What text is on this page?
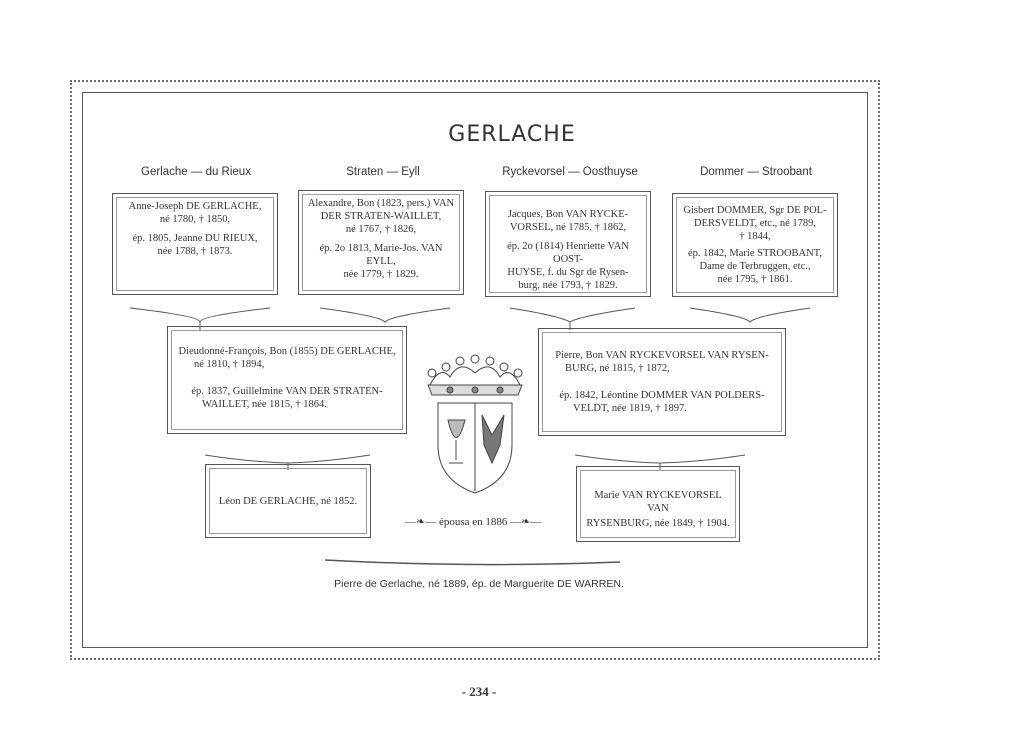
GERLACHE
Gerlache — du Rieux	Straten — Eyll	Ryckevorsel — Oosthuyse	Dommer — Stroobant

Anne-Joseph DE GERLACHE,

né 1780, † 1850,

ép. 1805, Jeanne DU RIEUX,

née 1788, † 1873.

Alexandre, Bon (1823, pers.) VAN

DER STRATEN-WAILLET,

né 1767, † 1826,

ép. 2o 1813, Marie-Jos. VAN EYLL,

née 1779, † 1829.

Jacques, Bon VAN RYCKE-

VORSEL, né 1785, † 1862,

ép. 2o (1814) Henriette VAN OOST-

HUYSE, f. du Sgr de Rysen-

burg, née 1793, † 1829.

Gisbert DOMMER, Sgr DE POL-

DERSVELDT, etc., né 1789,

† 1844,

ép. 1842, Marie STROOBANT,

Dame de Terbruggen, etc.,

née 1795, † 1861.

Dieudonné-François, Bon (1855) DE GERLACHE,

né 1810, † 1894,

ép. 1837, Guillelmine VAN DER STRATEN-

WAILLET, née 1815, † 1864.

Pierre, Bon VAN RYCKEVORSEL VAN RYSEN-

BURG, né 1815, † 1872,

ép. 1842, Léontine DOMMER VAN POLDERS-

VELDT, née 1819, † 1897.

Léon DE GERLACHE, né 1852.	Marie VAN RYCKEVORSEL VAN

RYSENBURG, née 1849, † 1904.

—❧— épousa en 1886 —❧—
Pierre de Gerlache, né 1889, ép. de Marguerite DE WARREN.
- 234 -
